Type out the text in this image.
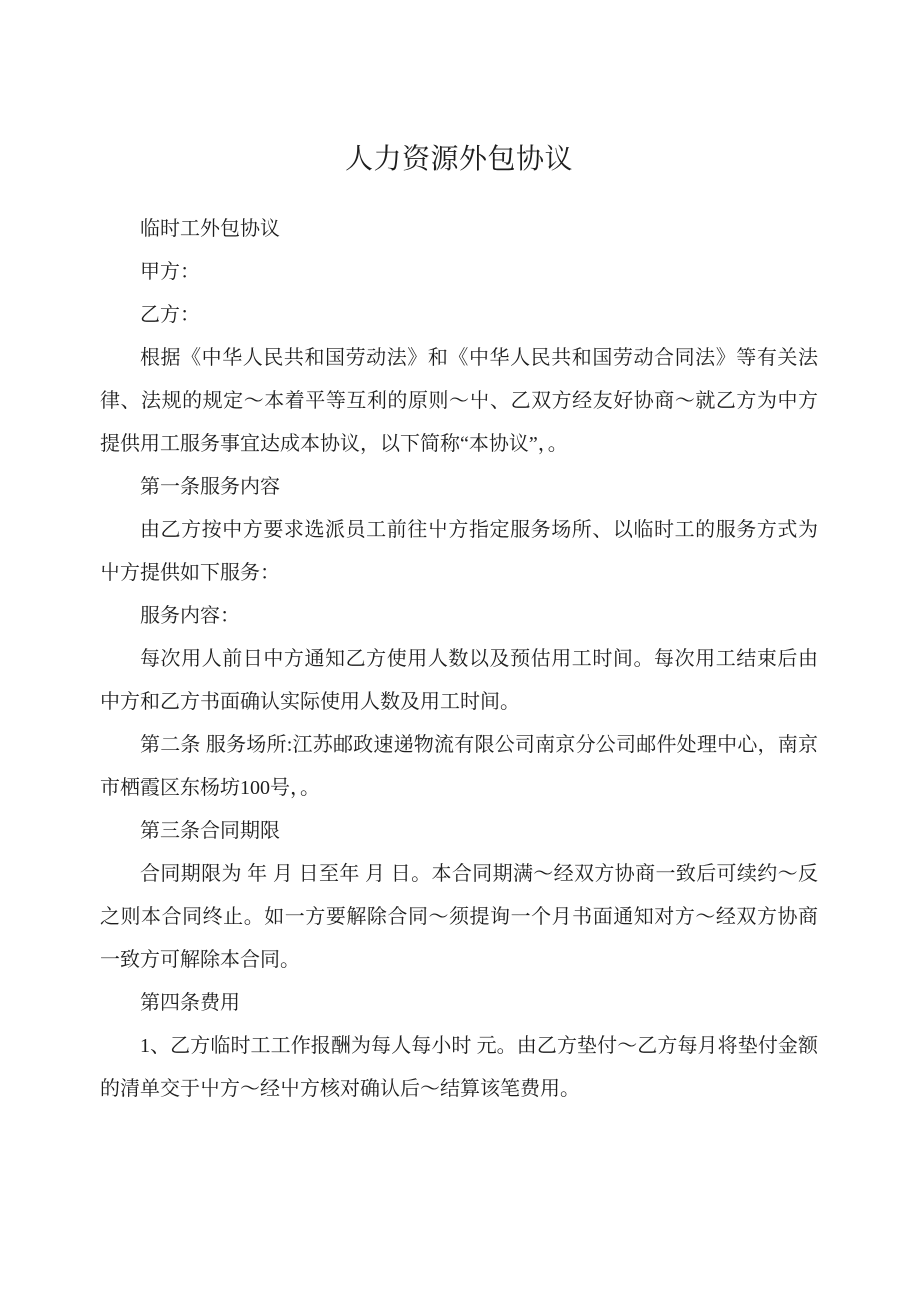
人力资源外包协议

临时工外包协议

甲方：

乙方：

根据《中华人民共和国劳动法》和《中华人民共和国劳动合同法》等有关法律、法规的规定～本着平等互利的原则～屮、乙双方经友好协商～就乙方为中方提供用工服务事宜达成本协议，以下简称“本协议”，。

第一条服务内容

由乙方按中方要求选派员工前往屮方指定服务场所、以临时工的服务方式为屮方提供如下服务：

服务内容：

每次用人前日中方通知乙方使用人数以及预估用工时间。每次用工结束后由中方和乙方书面确认实际使用人数及用工时间。

第二条 服务场所:江苏邮政速递物流有限公司南京分公司邮件处理中心，南京市栖霞区东杨坊100号，。

第三条合同期限

合同期限为 年 月 日至年 月 日。本合同期满～经双方协商一致后可续约～反之则本合同终止。如一方要解除合同～须提询一个月书面通知对方～经双方协商一致方可解除本合同。

第四条费用

1、乙方临时工工作报酬为每人每小时 元。由乙方垫付～乙方每月将垫付金额的清单交于屮方～经屮方核对确认后～结算该笔费用。
